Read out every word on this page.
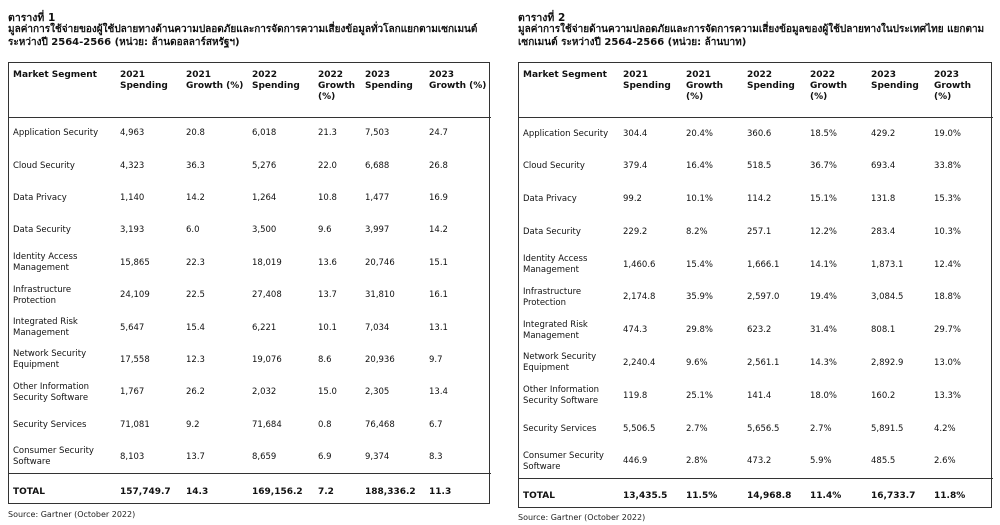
ตารางที่ 1
มูลค่าการใช้จ่ายของผู้ใช้ปลายทางด้านความปลอดภัยและการจัดการความเสี่ยงข้อมูลทั่วโลกแยกตามเซกเมนต์ ระหว่างปี 2564-2566 (หน่วย: ล้านดอลลาร์สหรัฐฯ)
Market Segment	2021 Spending	2021 Growth (%)	2022 Spending	2022 Growth (%)	2023 Spending	2023 Growth (%)
Application Security	4,963	20.8	6,018	21.3	7,503	24.7
Cloud Security	4,323	36.3	5,276	22.0	6,688	26.8
Data Privacy	1,140	14.2	1,264	10.8	1,477	16.9
Data Security	3,193	6.0	3,500	9.6	3,997	14.2
Identity Access Management	15,865	22.3	18,019	13.6	20,746	15.1
Infrastructure Protection	24,109	22.5	27,408	13.7	31,810	16.1
Integrated Risk Management	5,647	15.4	6,221	10.1	7,034	13.1
Network Security Equipment	17,558	12.3	19,076	8.6	20,936	9.7
Other Information Security Software	1,767	26.2	2,032	15.0	2,305	13.4
Security Services	71,081	9.2	71,684	0.8	76,468	6.7
Consumer Security Software	8,103	13.7	8,659	6.9	9,374	8.3
TOTAL	157,749.7	14.3	169,156.2	7.2	188,336.2	11.3
Source: Gartner (October 2022)
ตารางที่ 2
มูลค่าการใช้จ่ายด้านความปลอดภัยและการจัดการความเสี่ยงข้อมูลของผู้ใช้ปลายทางในประเทศไทย แยกตามเซกเมนต์ ระหว่างปี 2564-2566 (หน่วย: ล้านบาท)
Market Segment	2021 Spending	2021 Growth (%)	2022 Spending	2022 Growth (%)	2023 Spending	2023 Growth (%)
Application Security	304.4	20.4%	360.6	18.5%	429.2	19.0%
Cloud Security	379.4	16.4%	518.5	36.7%	693.4	33.8%
Data Privacy	99.2	10.1%	114.2	15.1%	131.8	15.3%
Data Security	229.2	8.2%	257.1	12.2%	283.4	10.3%
Identity Access Management	1,460.6	15.4%	1,666.1	14.1%	1,873.1	12.4%
Infrastructure Protection	2,174.8	35.9%	2,597.0	19.4%	3,084.5	18.8%
Integrated Risk Management	474.3	29.8%	623.2	31.4%	808.1	29.7%
Network Security Equipment	2,240.4	9.6%	2,561.1	14.3%	2,892.9	13.0%
Other Information Security Software	119.8	25.1%	141.4	18.0%	160.2	13.3%
Security Services	5,506.5	2.7%	5,656.5	2.7%	5,891.5	4.2%
Consumer Security Software	446.9	2.8%	473.2	5.9%	485.5	2.6%
TOTAL	13,435.5	11.5%	14,968.8	11.4%	16,733.7	11.8%
Source: Gartner (October 2022)
